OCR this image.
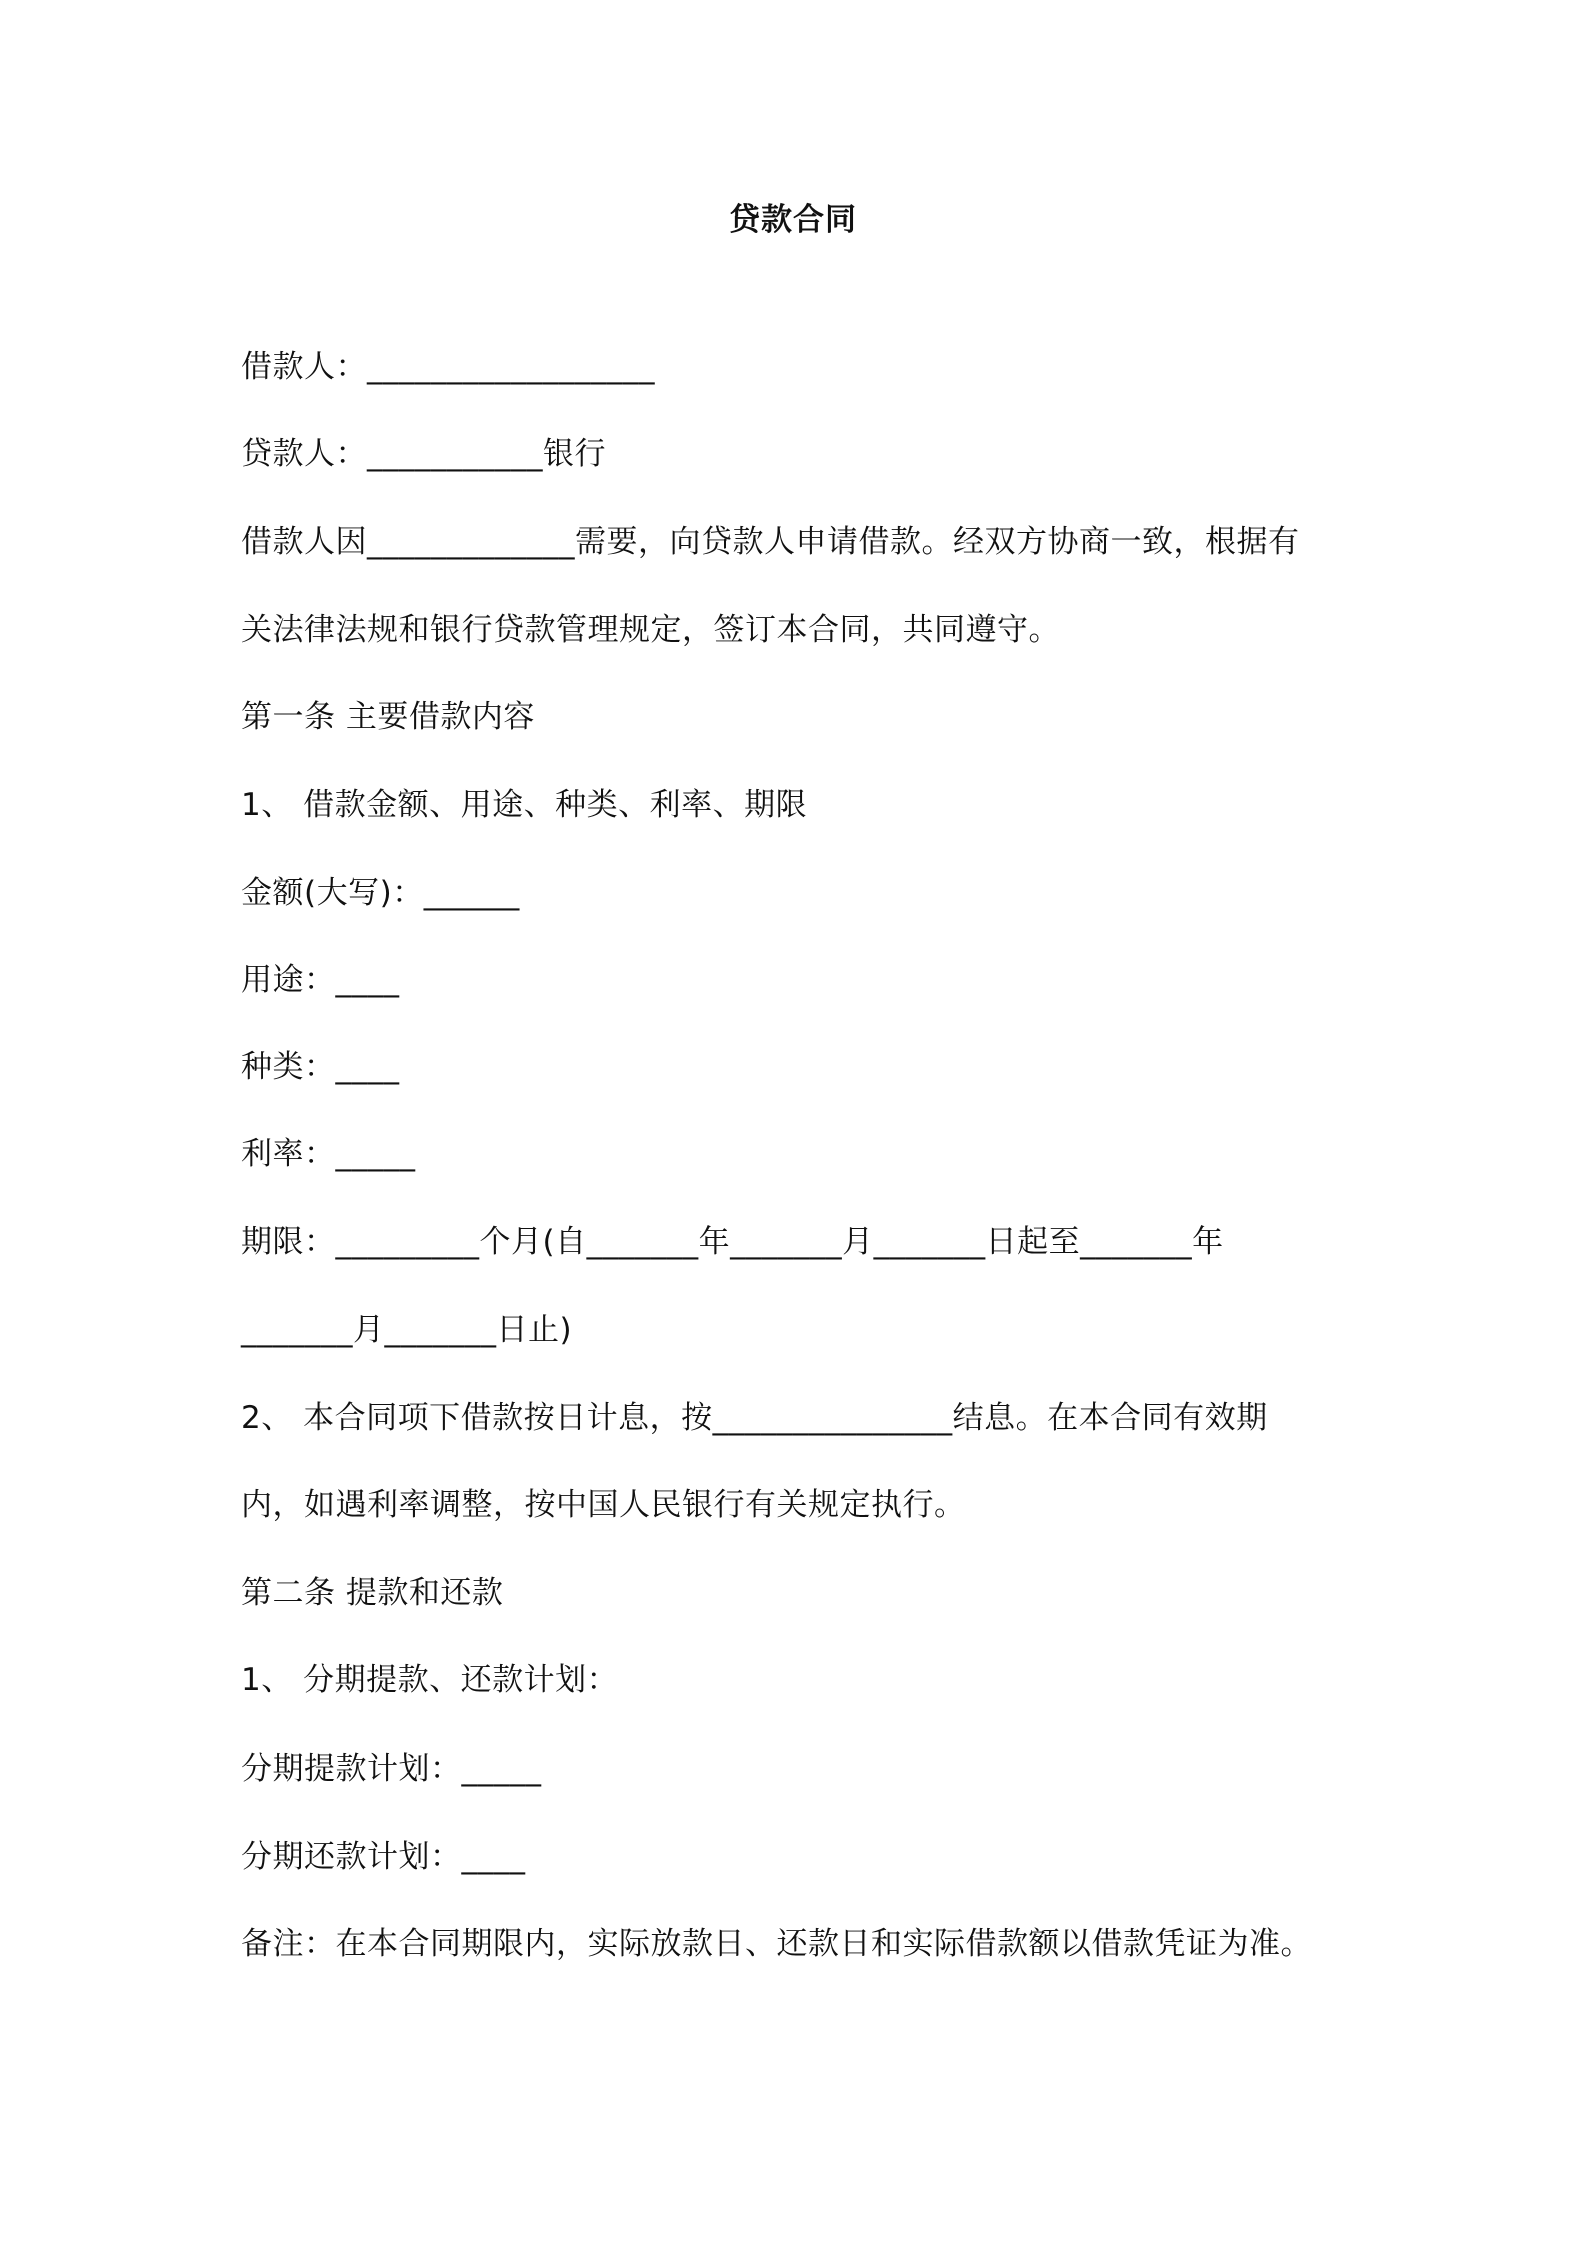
贷款合同
借款人：__________________
贷款人：___________银行
借款人因_____________需要，向贷款人申请借款。经双方协商一致，根据有
关法律法规和银行贷款管理规定，签订本合同，共同遵守。
第一条 主要借款内容
1、 借款金额、用途、种类、利率、期限
金额(大写)：______
用途：____
种类：____
利率：_____
期限：_________个月(自_______年_______月_______日起至_______年
_______月_______日止)
2、 本合同项下借款按日计息，按_______________结息。在本合同有效期
内，如遇利率调整，按中国人民银行有关规定执行。
第二条 提款和还款
1、 分期提款、还款计划：
分期提款计划：_____
分期还款计划：____
备注：在本合同期限内，实际放款日、还款日和实际借款额以借款凭证为准。
